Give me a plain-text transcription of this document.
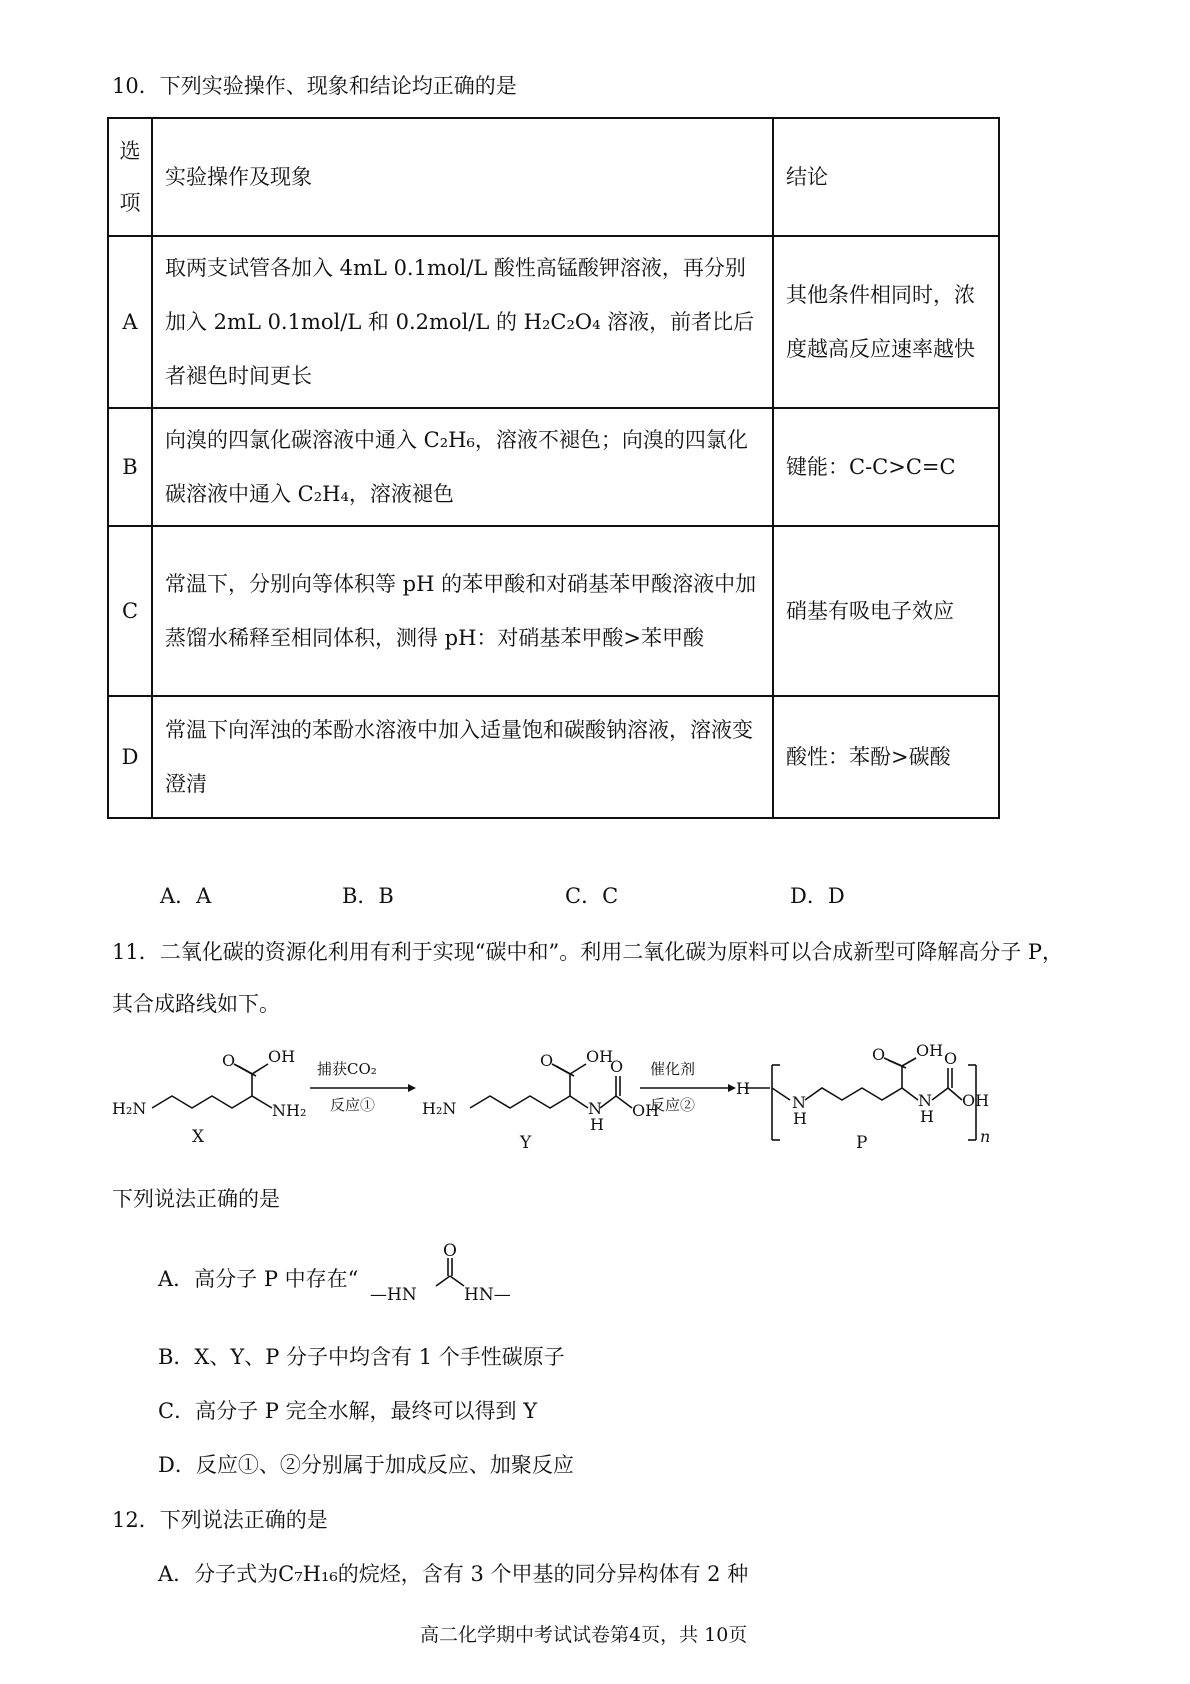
10．下列实验操作、现象和结论均正确的是
选
项	实验操作及现象	结论
A	取两支试管各加入 4mL 0.1mol/L 酸性高锰酸钾溶液，再分别加入 2mL 0.1mol/L 和 0.2mol/L 的 H₂C₂O₄ 溶液，前者比后者褪色时间更长	其他条件相同时，浓度越高反应速率越快
B	向溴的四氯化碳溶液中通入 C₂H₆，溶液不褪色；向溴的四氯化碳溶液中通入 C₂H₄，溶液褪色	键能：C-C>C=C
C	常温下，分别向等体积等 pH 的苯甲酸和对硝基苯甲酸溶液中加蒸馏水稀释至相同体积，测得 pH：对硝基苯甲酸>苯甲酸	硝基有吸电子效应
D	常温下向浑浊的苯酚水溶液中加入适量饱和碳酸钠溶液，溶液变澄清	酸性：苯酚>碳酸
A．A	B．B	C．C	D．D
11．二氧化碳的资源化利用有利于实现“碳中和”。利用二氧化碳为原料可以合成新型可降解高分子 P，
其合成路线如下。
H₂N	NH₂
O OH
X
捕获CO₂
反应①	H₂N
O OH
N
H
O
OH
Y
催化剂
反应②
H
N
H
O OH
N
H
O
OH
n
P
下列说法正确的是
A．高分子 P 中存在“
O
—HN	HN—
B．X、Y、P 分子中均含有 1 个手性碳原子
C．高分子 P 完全水解，最终可以得到 Y
D．反应①、②分别属于加成反应、加聚反应
12．下列说法正确的是
A．分子式为C₇H₁₆的烷烃，含有 3 个甲基的同分异构体有 2 种
高二化学期中考试试卷第4页，共 10页
